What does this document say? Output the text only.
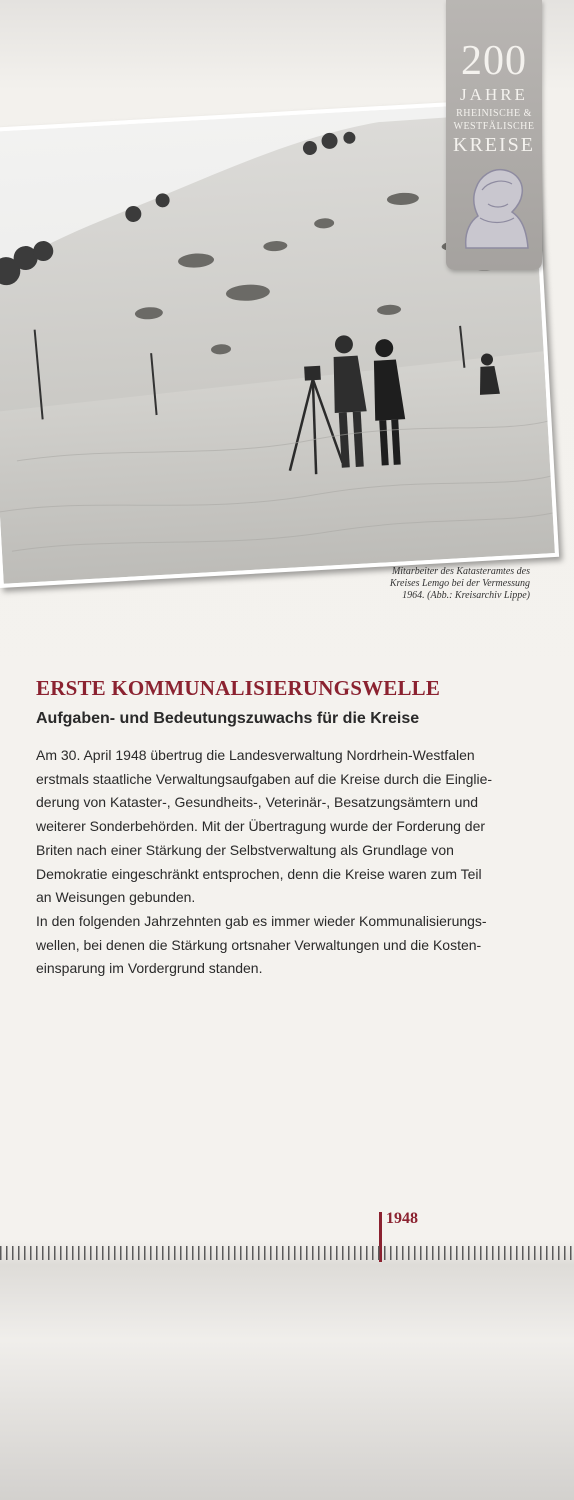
200
JAHRE
RHEINISCHE &
WESTFÄLISCHE
KREISE
Mitarbeiter des Katasteramtes des Kreises Lemgo bei der Vermessung 1964. (Abb.: Kreisarchiv Lippe)
ERSTE KOMMUNALISIERUNGSWELLE
Aufgaben- und Bedeutungszuwachs für die Kreise

Am 30. April 1948 übertrug die Landesverwaltung Nordrhein-Westfalen
erstmals staatliche Verwaltungsaufgaben auf die Kreise durch die Einglie-
derung von Kataster-, Gesundheits-, Veterinär-, Besatzungsämtern und
weiterer Sonderbehörden. Mit der Übertragung wurde der Forderung der
Briten nach einer Stärkung der Selbstverwaltung als Grundlage von
Demokratie eingeschränkt entsprochen, denn die Kreise waren zum Teil
an Weisungen gebunden.

In den folgenden Jahrzehnten gab es immer wieder Kommunalisierungs-
wellen, bei denen die Stärkung ortsnaher Verwaltungen und die Kosten-
einsparung im Vordergrund standen.

1948
